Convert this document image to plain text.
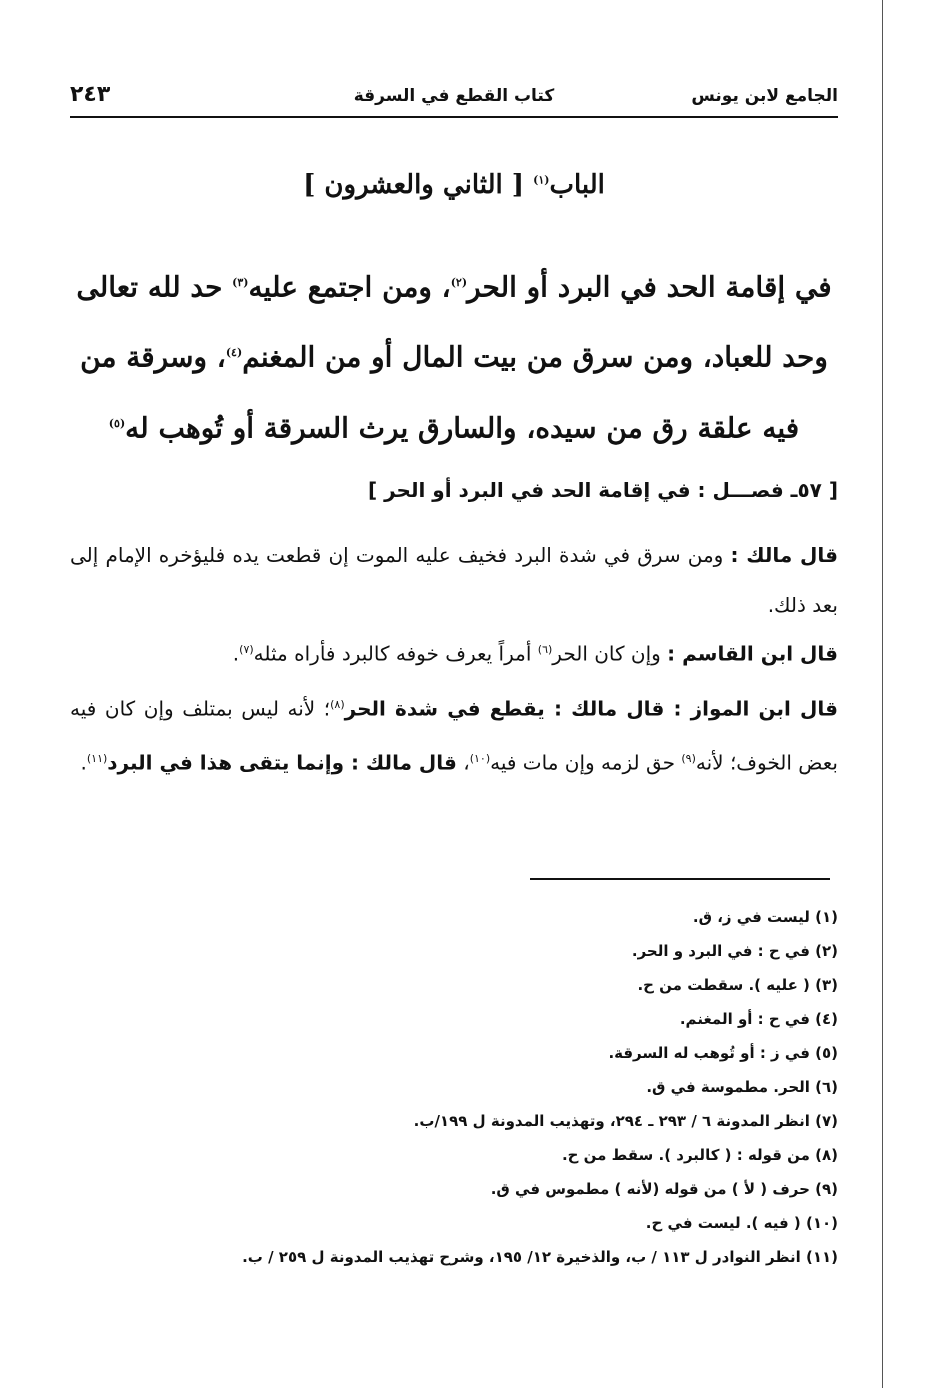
الجامع لابن يونس
كتاب القطع في السرقة
٢٤٣
الباب$^{(١)}$ [ الثاني والعشرون ]
في إقامة الحد في البرد أو الحر$^{(٢)}$، ومن اجتمع عليه$^{(٣)}$ حد لله تعالى وحد للعباد، ومن سرق من بيت المال أو من المغنم$^{(٤)}$، وسرقة من فيه علقة رق من سيده، والسارق يرث السرقة أو تُوهب له$^{(٥)}$
[ ٥٧ـ فصـــل : في إقامة الحد في البرد أو الحر ]
قال مالك : ومن سرق في شدة البرد فخيف عليه الموت إن قطعت يده فليؤخره الإمام إلى بعد ذلك.
قال ابن القاسم : وإن كان الحر$^{(٦)}$ أمراً يعرف خوفه كالبرد فأراه مثله$^{(٧)}$.
قال ابن المواز : قال مالك : يقطع في شدة الحر$^{(٨)}$؛ لأنه ليس بمتلف وإن كان فيه بعض الخوف؛ لأنه$^{(٩)}$ حق لزمه وإن مات فيه$^{(١٠)}$، قال مالك : وإنما يتقى هذا في البرد$^{(١١)}$.
(١) ليست في ز، ق.
(٢) في ح : في البرد و الحر.
(٣) ( عليه ). سقطت من ح.
(٤) في ح : أو المغنم.
(٥) في ز : أو تُوهب له السرقة.
(٦) الحر. مطموسة في ق.
(٧) انظر المدونة ٦ / ٢٩٣ ـ ٢٩٤، وتهذيب المدونة ل ١٩٩/ب.
(٨) من قوله : ( كالبرد ). سقط من ح.
(٩) حرف ( لأ ) من قوله (لأنه ) مطموس في ق.
(١٠) ( فيه ). ليست في ح.
(١١) انظر النوادر ل ١١٣ / ب، والذخيرة ١٢/ ١٩٥، وشرح تهذيب المدونة ل ٢٥٩ / ب.
